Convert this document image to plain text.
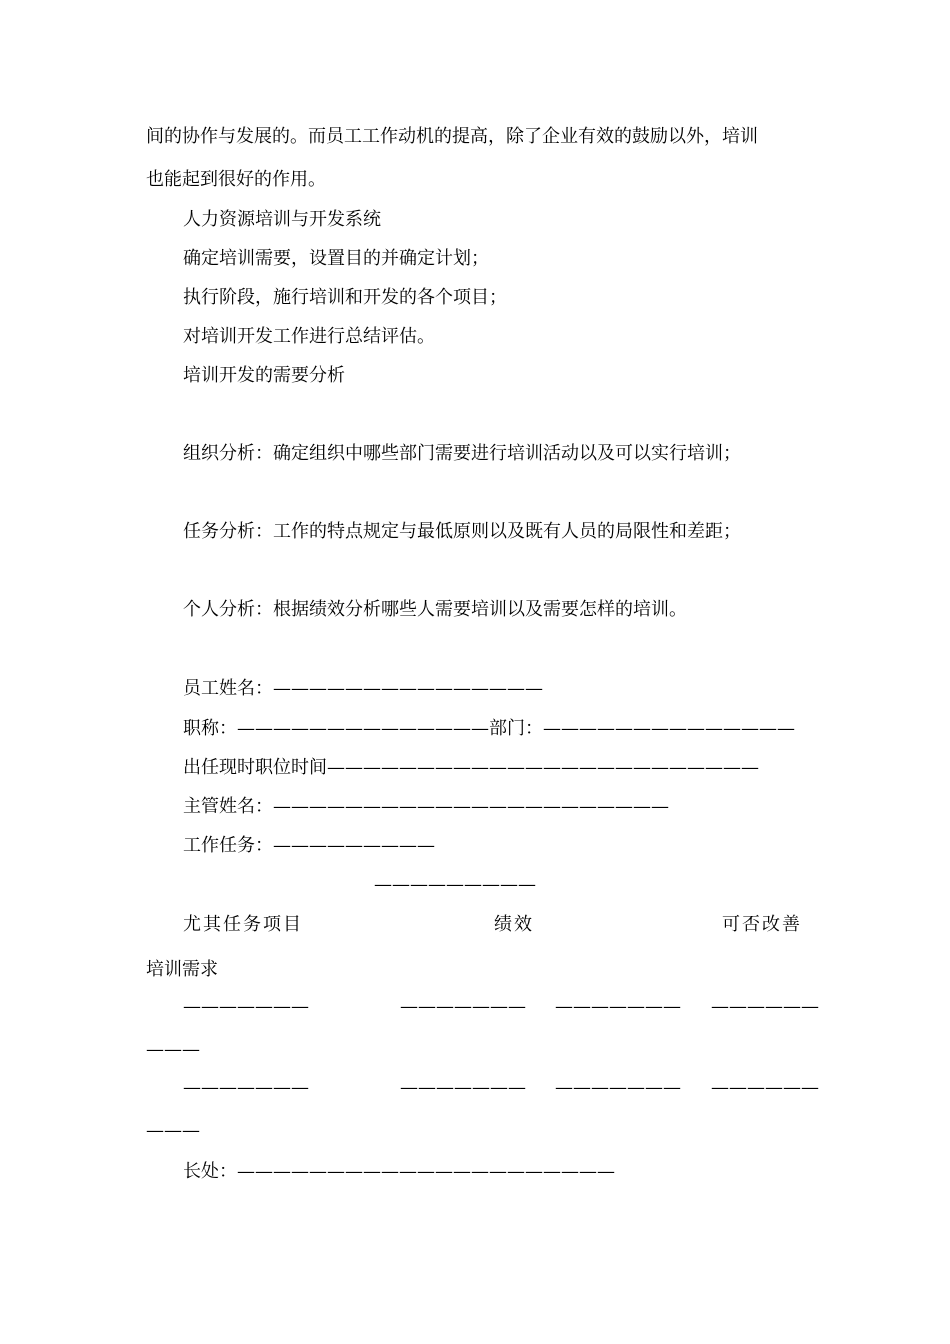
间的协作与发展的。而员工工作动机的提高，除了企业有效的鼓励以外，培训
也能起到很好的作用。
人力资源培训与开发系统
确定培训需要，设置目的并确定计划；
执行阶段，施行培训和开发的各个项目；
对培训开发工作进行总结评估。
培训开发的需要分析
组织分析：确定组织中哪些部门需要进行培训活动以及可以实行培训；
任务分析：工作的特点规定与最低原则以及既有人员的局限性和差距；
个人分析：根据绩效分析哪些人需要培训以及需要怎样的培训。
员工姓名：———————————————
职称：——————————————部门：——————————————
出任现时职位时间————————————————————————
主管姓名：——————————————————————
工作任务：—————————
—————————
尤其任务项目	绩效	可否改善
培训需求
———————	——————— ——————— ——————
———
———————	——————— ——————— ——————
———
长处：—————————————————————
